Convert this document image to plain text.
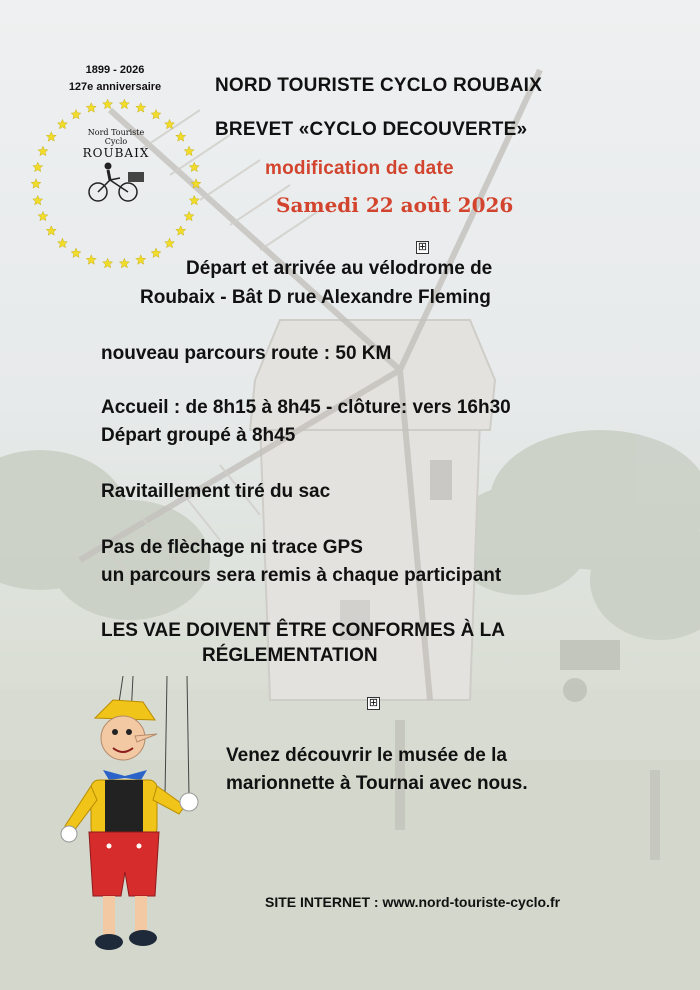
1899 - 2026
127e anniversaire
Nord Touriste
Cyclo
ROUBAIX
NORD TOURISTE CYCLO ROUBAIX
BREVET «CYCLO DECOUVERTE»
modification de date
Samedi 22 août 2026
⊞
Départ et arrivée au vélodrome de
Roubaix - Bât D rue Alexandre Fleming
nouveau parcours route : 50 KM
Accueil : de 8h15 à 8h45 - clôture: vers 16h30
Départ groupé à 8h45
Ravitaillement tiré du sac
Pas de flèchage ni trace GPS
un parcours sera remis à chaque participant
LES VAE DOIVENT ÊTRE CONFORMES À LA
RÉGLEMENTATION
⊞
Venez découvrir le musée de la
marionnette à Tournai avec nous.
SITE INTERNET : www.nord-touriste-cyclo.fr
